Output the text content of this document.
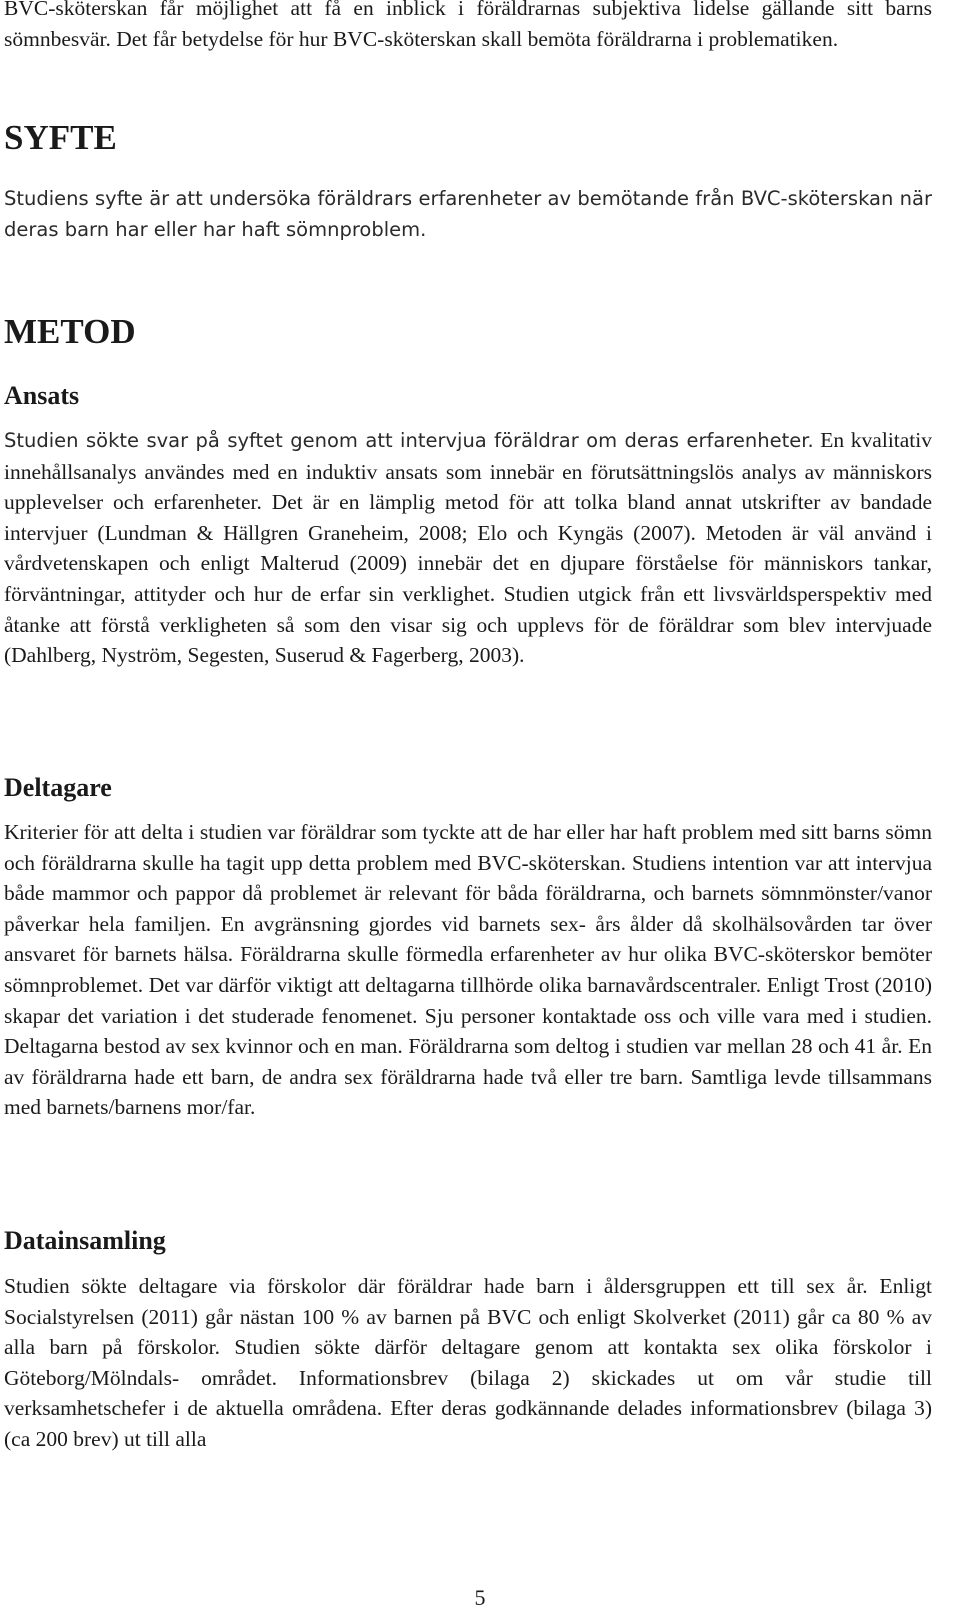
BVC-sköterskan får möjlighet att få en inblick i föräldrarnas subjektiva lidelse gällande sitt barns sömnbesvär. Det får betydelse för hur BVC-sköterskan skall bemöta föräldrarna i problematiken.

SYFTE

Studiens syfte är att undersöka föräldrars erfarenheter av bemötande från BVC-sköterskan när deras barn har eller har haft sömnproblem.

METOD
Ansats

Studien sökte svar på syftet genom att intervjua föräldrar om deras erfarenheter. En kvalitativ innehållsanalys användes med en induktiv ansats som innebär en förutsättningslös analys av människors upplevelser och erfarenheter. Det är en lämplig metod för att tolka bland annat utskrifter av bandade intervjuer (Lundman & Hällgren Graneheim, 2008; Elo och Kyngäs (2007). Metoden är väl använd i vårdvetenskapen och enligt Malterud (2009) innebär det en djupare förståelse för människors tankar, förväntningar, attityder och hur de erfar sin verklighet. Studien utgick från ett livsvärldsperspektiv med åtanke att förstå verkligheten så som den visar sig och upplevs för de föräldrar som blev intervjuade (Dahlberg, Nyström, Segesten, Suserud & Fagerberg, 2003).

Deltagare

Kriterier för att delta i studien var föräldrar som tyckte att de har eller har haft problem med sitt barns sömn och föräldrarna skulle ha tagit upp detta problem med BVC-sköterskan. Studiens intention var att intervjua både mammor och pappor då problemet är relevant för båda föräldrarna, och barnets sömnmönster/vanor påverkar hela familjen. En avgränsning gjordes vid barnets sex- års ålder då skolhälsovården tar över ansvaret för barnets hälsa. Föräldrarna skulle förmedla erfarenheter av hur olika BVC-sköterskor bemöter sömnproblemet. Det var därför viktigt att deltagarna tillhörde olika barnavårdscentraler. Enligt Trost (2010) skapar det variation i det studerade fenomenet. Sju personer kontaktade oss och ville vara med i studien. Deltagarna bestod av sex kvinnor och en man. Föräldrarna som deltog i studien var mellan 28 och 41 år. En av föräldrarna hade ett barn, de andra sex föräldrarna hade två eller tre barn. Samtliga levde tillsammans med barnets/barnens mor/far.

Datainsamling

Studien sökte deltagare via förskolor där föräldrar hade barn i åldersgruppen ett till sex år. Enligt Socialstyrelsen (2011) går nästan 100 % av barnen på BVC och enligt Skolverket (2011) går ca 80 % av alla barn på förskolor. Studien sökte därför deltagare genom att kontakta sex olika förskolor i Göteborg/Mölndals- området. Informationsbrev (bilaga 2) skickades ut om vår studie till verksamhetschefer i de aktuella områdena. Efter deras godkännande delades informationsbrev (bilaga 3) (ca 200 brev) ut till alla

5
